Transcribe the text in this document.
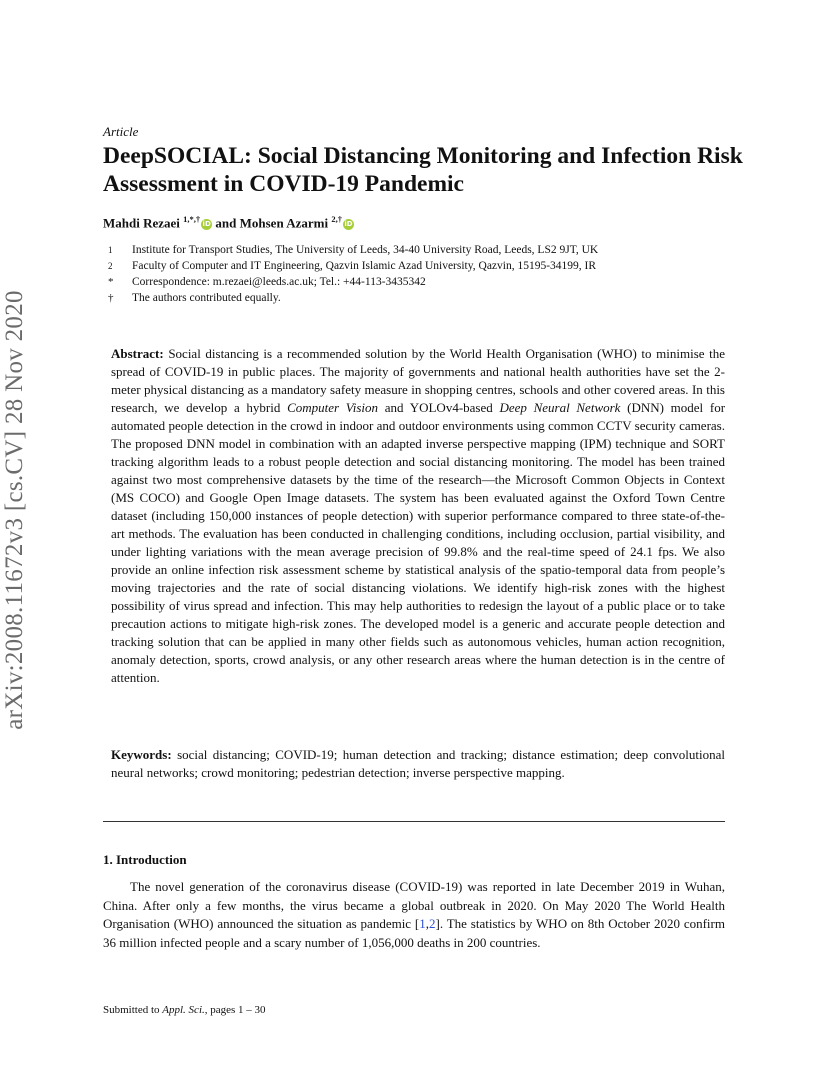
arXiv:2008.11672v3 [cs.CV] 28 Nov 2020
Article
DeepSOCIAL: Social Distancing Monitoring and Infection Risk Assessment in COVID-19 Pandemic
Mahdi Rezaei $^{1,*,\dagger}$iD and Mohsen Azarmi $^{2,\dagger}$iD
1	Institute for Transport Studies, The University of Leeds, 34-40 University Road, Leeds, LS2 9JT, UK
2	Faculty of Computer and IT Engineering, Qazvin Islamic Azad University, Qazvin, 15195-34199, IR
*	Correspondence: m.rezaei@leeds.ac.uk; Tel.: +44-113-3435342
†	The authors contributed equally.

Abstract: Social distancing is a recommended solution by the World Health Organisation (WHO) to minimise the spread of COVID-19 in public places. The majority of governments and national health authorities have set the 2-meter physical distancing as a mandatory safety measure in shopping centres, schools and other covered areas. In this research, we develop a hybrid Computer Vision and YOLOv4-based Deep Neural Network (DNN) model for automated people detection in the crowd in indoor and outdoor environments using common CCTV security cameras. The proposed DNN model in combination with an adapted inverse perspective mapping (IPM) technique and SORT tracking algorithm leads to a robust people detection and social distancing monitoring. The model has been trained against two most comprehensive datasets by the time of the research—the Microsoft Common Objects in Context (MS COCO) and Google Open Image datasets. The system has been evaluated against the Oxford Town Centre dataset (including 150,000 instances of people detection) with superior performance compared to three state-of-the-art methods. The evaluation has been conducted in challenging conditions, including occlusion, partial visibility, and under lighting variations with the mean average precision of 99.8% and the real-time speed of 24.1 fps. We also provide an online infection risk assessment scheme by statistical analysis of the spatio-temporal data from people’s moving trajectories and the rate of social distancing violations. We identify high-risk zones with the highest possibility of virus spread and infection. This may help authorities to redesign the layout of a public place or to take precaution actions to mitigate high-risk zones. The developed model is a generic and accurate people detection and tracking solution that can be applied in many other fields such as autonomous vehicles, human action recognition, anomaly detection, sports, crowd analysis, or any other research areas where the human detection is in the centre of attention.

Keywords: social distancing; COVID-19; human detection and tracking; distance estimation; deep convolutional neural networks; crowd monitoring; pedestrian detection; inverse perspective mapping.

1. Introduction

The novel generation of the coronavirus disease (COVID-19) was reported in late December 2019 in Wuhan, China. After only a few months, the virus became a global outbreak in 2020. On May 2020 The World Health Organisation (WHO) announced the situation as pandemic [1,2]. The statistics by WHO on 8th October 2020 confirm 36 million infected people and a scary number of 1,056,000 deaths in 200 countries.

Submitted to Appl. Sci., pages 1 – 30
